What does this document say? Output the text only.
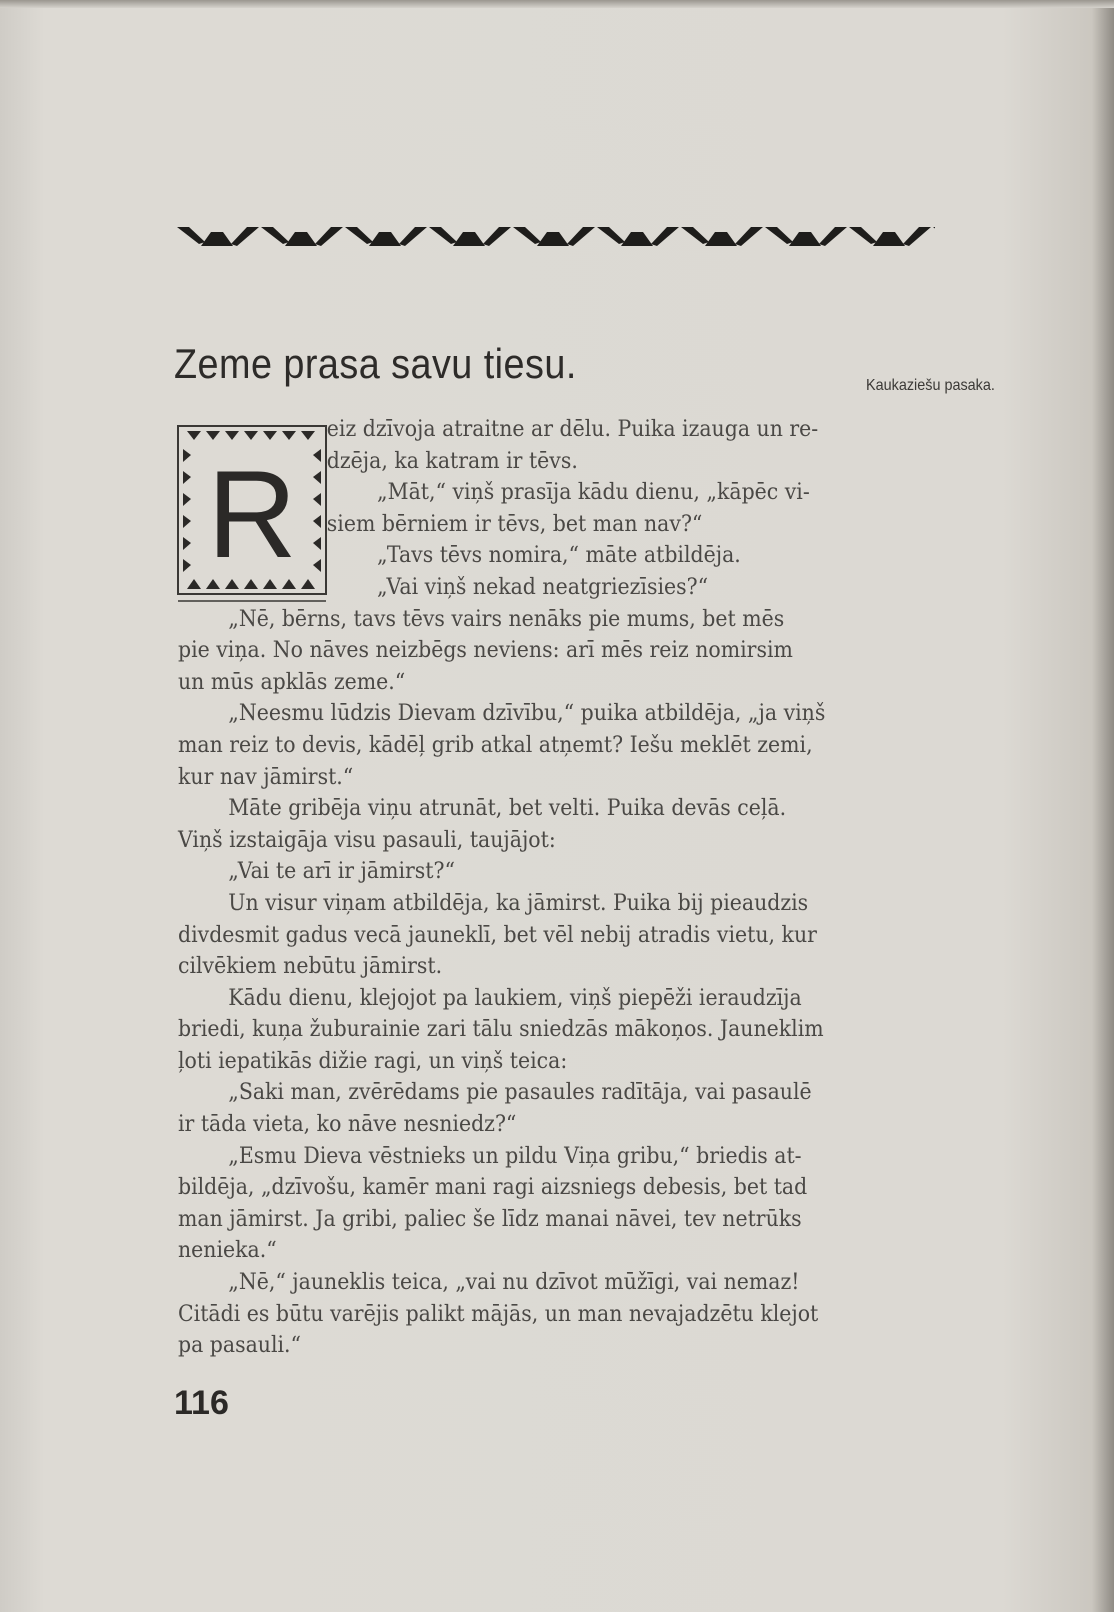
Zeme prasa savu tiesu.	Kaukaziešu pasaka.
R
eiz dzīvoja atraitne ar dēlu. Puika izauga un re-
dzēja, ka katram ir tēvs.
„Māt,“ viņš prasīja kādu dienu, „kāpēc vi-
siem bērniem ir tēvs, bet man nav?“
„Tavs tēvs nomira,“ māte atbildēja.
„Vai viņš nekad neatgriezīsies?“
„Nē, bērns, tavs tēvs vairs nenāks pie mums, bet mēs
pie viņa. No nāves neizbēgs neviens: arī mēs reiz nomirsim
un mūs apklās zeme.“
„Neesmu lūdzis Dievam dzīvību,“ puika atbildēja, „ja viņš
man reiz to devis, kādēļ grib atkal atņemt? Iešu meklēt zemi,
kur nav jāmirst.“
Māte gribēja viņu atrunāt, bet velti. Puika devās ceļā.
Viņš izstaigāja visu pasauli, taujājot:
„Vai te arī ir jāmirst?“
Un visur viņam atbildēja, ka jāmirst. Puika bij pieaudzis
divdesmit gadus vecā jauneklī, bet vēl nebij atradis vietu, kur
cilvēkiem nebūtu jāmirst.
Kādu dienu, klejojot pa laukiem, viņš piepēži ieraudzīja
briedi, kuņa žuburainie zari tālu sniedzās mākoņos. Jauneklim
ļoti iepatikās dižie ragi, un viņš teica:
„Saki man, zvērēdams pie pasaules radītāja, vai pasaulē
ir tāda vieta, ko nāve nesniedz?“
„Esmu Dieva vēstnieks un pildu Viņa gribu,“ briedis at-
bildēja, „dzīvošu, kamēr mani ragi aizsniegs debesis, bet tad
man jāmirst. Ja gribi, paliec še līdz manai nāvei, tev netrūks
nenieka.“
„Nē,“ jauneklis teica, „vai nu dzīvot mūžīgi, vai nemaz!
Citādi es būtu varējis palikt mājās, un man nevajadzētu klejot
pa pasauli.“
116
